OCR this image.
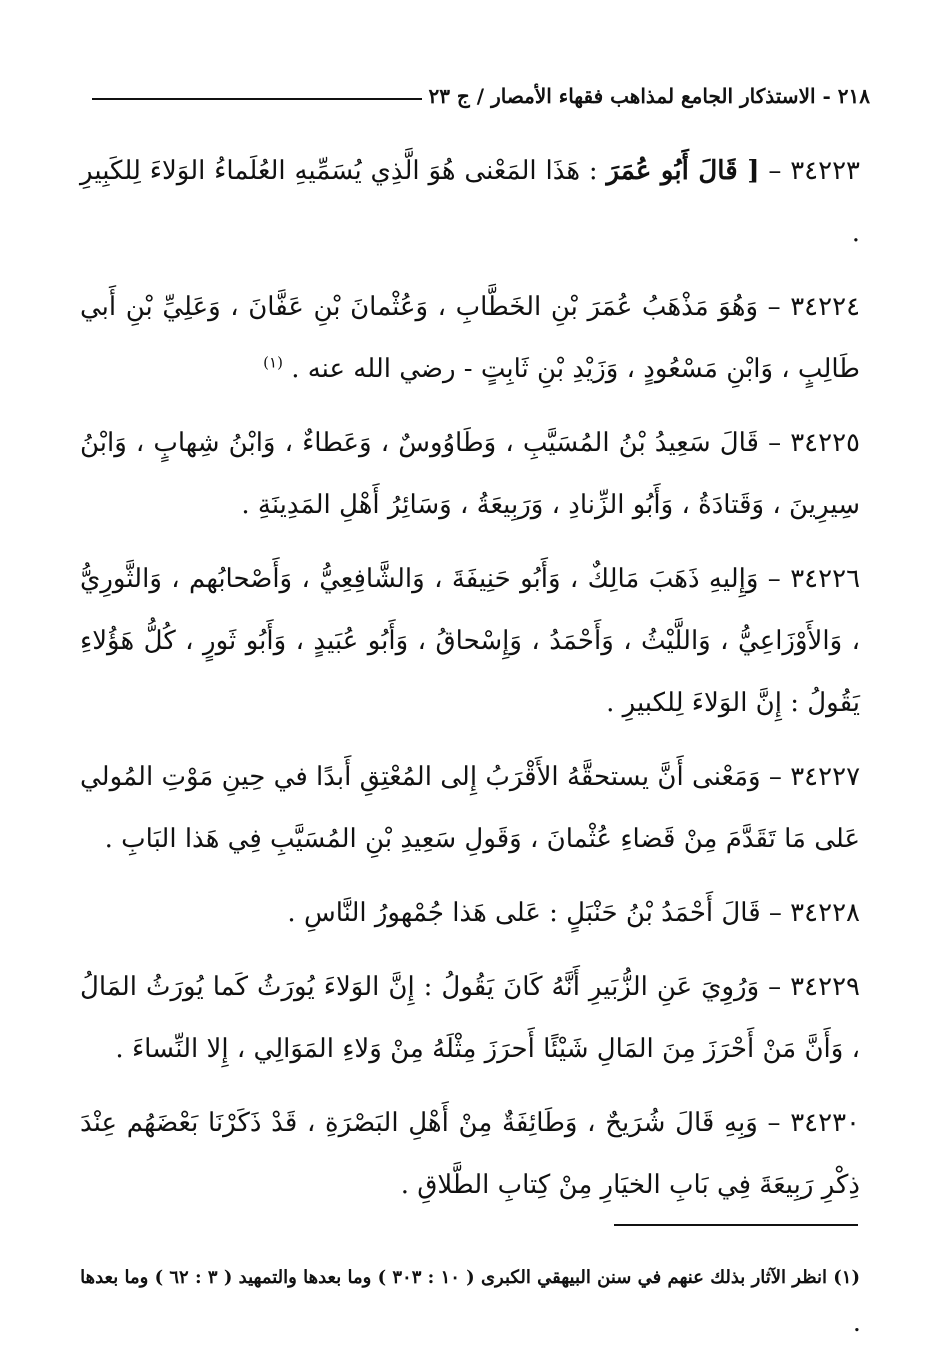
٢١٨ - الاستذكار الجامع لمذاهب فقهاء الأمصار / ج ٢٣

٣٤٢٢٣ – [ قَالَ أَبُو عُمَرَ : هَذَا المَعْنى هُوَ الَّذِي يُسَمِّيهِ العُلَماءُ الوَلاءَ لِلكَبِيرِ .

٣٤٢٢٤ – وَهُوَ مَذْهَبُ عُمَرَ بْنِ الخَطَّابِ ، وَعُثْمانَ بْنِ عَفَّانَ ، وَعَلِيِّ بْنِ أَبي طَالِبٍ ، وَابْنِ مَسْعُودٍ ، وَزَيْدِ بْنِ ثَابِتٍ - رضي الله عنه . $^{(١)}$

٣٤٢٢٥ – قَالَ سَعِيدُ بْنُ المُسَيَّبِ ، وَطَاوُوسٌ ، وَعَطاءٌ ، وَابْنُ شِهابٍ ، وَابْنُ سِيرِينَ ، وَقَتادَةُ ، وَأَبُو الزِّنادِ ، وَرَبِيعَةُ ، وَسَائِرُ أَهْلِ المَدِينَةِ .

٣٤٢٢٦ – وَإِليهِ ذَهَبَ مَالِكٌ ، وَأَبُو حَنِيفَةَ ، وَالشَّافِعِيُّ ، وَأَصْحابُهم ، وَالثَّورِيُّ ، وَالأَوْزَاعِيُّ ، وَاللَّيْثُ ، وَأَحْمَدُ ، وَإِسْحاقُ ، وَأَبُو عُبَيدٍ ، وَأَبُو ثَورٍ ، كُلُّ هَؤُلاءِ يَقُولُ : إِنَّ الوَلاءَ لِلكبيرِ .

٣٤٢٢٧ – وَمَعْنى أَنَّ يستحقَّهُ الأَقْرَبُ إِلى المُعْتِقِ أَبدًا في حِينِ مَوْتِ المُولي عَلى مَا تَقَدَّمَ مِنْ قَضاءِ عُثْمانَ ، وَقَولِ سَعِيدِ بْنِ المُسَيَّبِ فِي هَذا البَابِ .

٣٤٢٢٨ – قَالَ أَحْمَدُ بْنُ حَنْبَلٍ : عَلى هَذا جُمْهورُ النَّاسِ .

٣٤٢٢٩ – وَرُوِيَ عَنِ الزُّبَيرِ أَنَّهُ كَانَ يَقُولُ : إِنَّ الوَلاءَ يُورَثُ كَما يُورَثُ المَالُ ، وَأَنَّ مَنْ أَحْرَزَ مِنَ المَالِ شَيْئًا أَحرَزَ مِثْلَهُ مِنْ وَلاءِ المَوَالِي ، إِلا النِّساءَ .

٣٤٢٣٠ – وَبِهِ قَالَ شُرَيحٌ ، وَطَائِفَةٌ مِنْ أَهْلِ البَصْرَةِ ، قَدْ ذَكَرْنَا بَعْضَهُم عِنْدَ ذِكْرِ رَبِيعَةَ فِي بَابِ الخيَارِ مِنْ كِتابِ الطَّلاقِ .

(١) انظر الآثار بذلك عنهم في سنن البيهقي الكبرى ( ١٠ : ٣٠٣ ) وما بعدها والتمهيد ( ٣ : ٦٢ ) وما بعدها .
